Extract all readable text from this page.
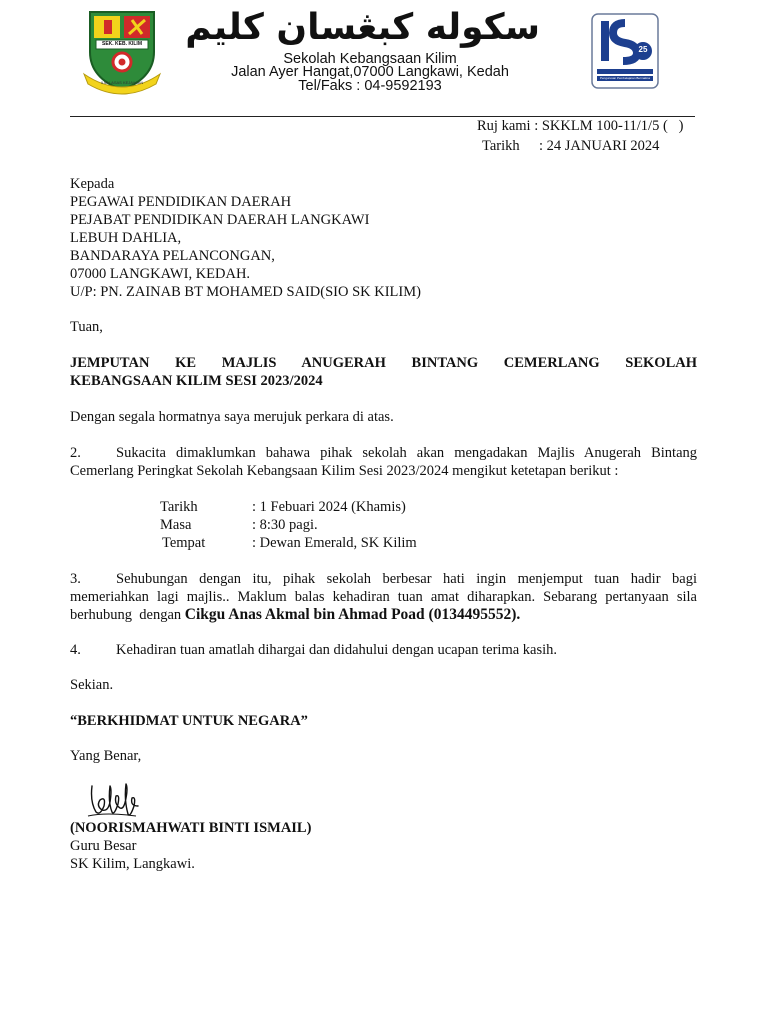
SEK. KEB. KILIM
ILMU ASAS KEJAYAAN
سکوله کبڠسان کليم
Sekolah Kebangsaan Kilim
Jalan Ayer Hangat,07000 Langkawi, Kedah
Tel/Faks : 04-9592193
25
Pengurusan Pembelajaran Bermakna
Ruj kami : SKKLM 100-11/1/5 (   )
Tarikh : 24 JANUARI 2024
Kepada
PEGAWAI PENDIDIKAN DAERAH
PEJABAT PENDIDIKAN DAERAH LANGKAWI
LEBUH DAHLIA,
BANDARAYA PELANCONGAN,
07000 LANGKAWI, KEDAH.
U/P: PN. ZAINAB BT MOHAMED SAID(SIO SK KILIM)
Tuan,
JEMPUTAN   KE   MAJLIS   ANUGERAH   BINTANG   CEMERLANG   SEKOLAH
KEBANGSAAN KILIM SESI 2023/2024
Dengan segala hormatnya saya merujuk perkara di atas.
2. Sukacita dimaklumkan bahawa pihak sekolah akan mengadakan Majlis Anugerah Bintang
Cemerlang Peringkat Sekolah Kebangsaan Kilim Sesi 2023/2024 mengikut ketetapan berikut :
Tarikh	: 1 Febuari 2024 (Khamis)
Masa	: 8:30 pagi.
Tempat	: Dewan Emerald, SK Kilim
3. Sehubungan dengan itu, pihak sekolah berbesar hati ingin menjemput tuan hadir bagi
memeriahkan lagi majlis.. Maklum balas kehadiran tuan amat diharapkan. Sebarang pertanyaan sila
berhubung  dengan Cikgu Anas Akmal bin Ahmad Poad (0134495552).
4. Kehadiran tuan amatlah dihargai dan didahului dengan ucapan terima kasih.
Sekian.
“BERKHIDMAT UNTUK NEGARA”
Yang Benar,
(NOORISMAHWATI BINTI ISMAIL)
Guru Besar
SK Kilim, Langkawi.
